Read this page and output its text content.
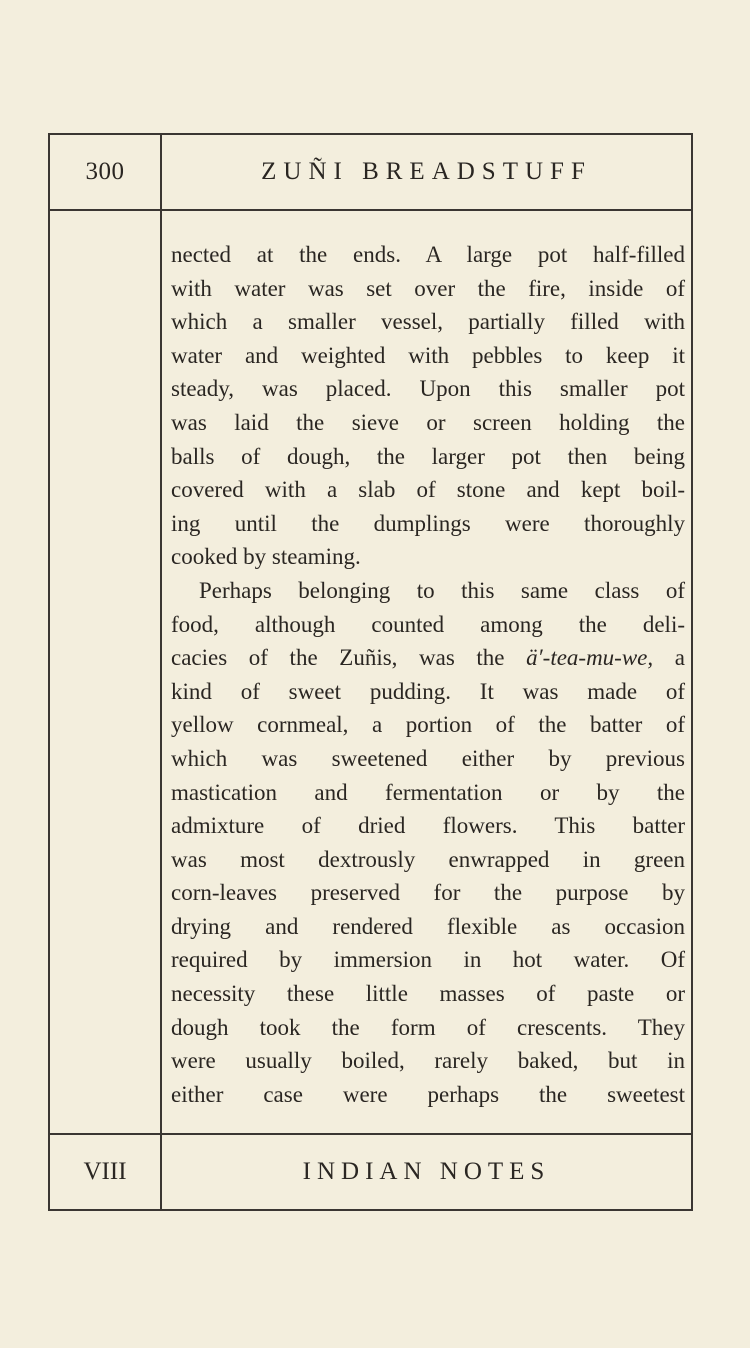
300	ZUÑI BREADSTUFF
nected at the ends. A large pot half-filled
with water was set over the fire, inside of
which a smaller vessel, partially filled with
water and weighted with pebbles to keep it
steady, was placed. Upon this smaller pot
was laid the sieve or screen holding the
balls of dough, the larger pot then being
covered with a slab of stone and kept boil-
ing until the dumplings were thoroughly
cooked by steaming.
Perhaps belonging to this same class of
food, although counted among the deli-
cacies of the Zuñis, was the ä′-tea-mu-we, a
kind of sweet pudding. It was made of
yellow cornmeal, a portion of the batter of
which was sweetened either by previous
mastication and fermentation or by the
admixture of dried flowers. This batter
was most dextrously enwrapped in green
corn-leaves preserved for the purpose by
drying and rendered flexible as occasion
required by immersion in hot water. Of
necessity these little masses of paste or
dough took the form of crescents. They
were usually boiled, rarely baked, but in
either case were perhaps the sweetest
VIII	INDIAN NOTES
